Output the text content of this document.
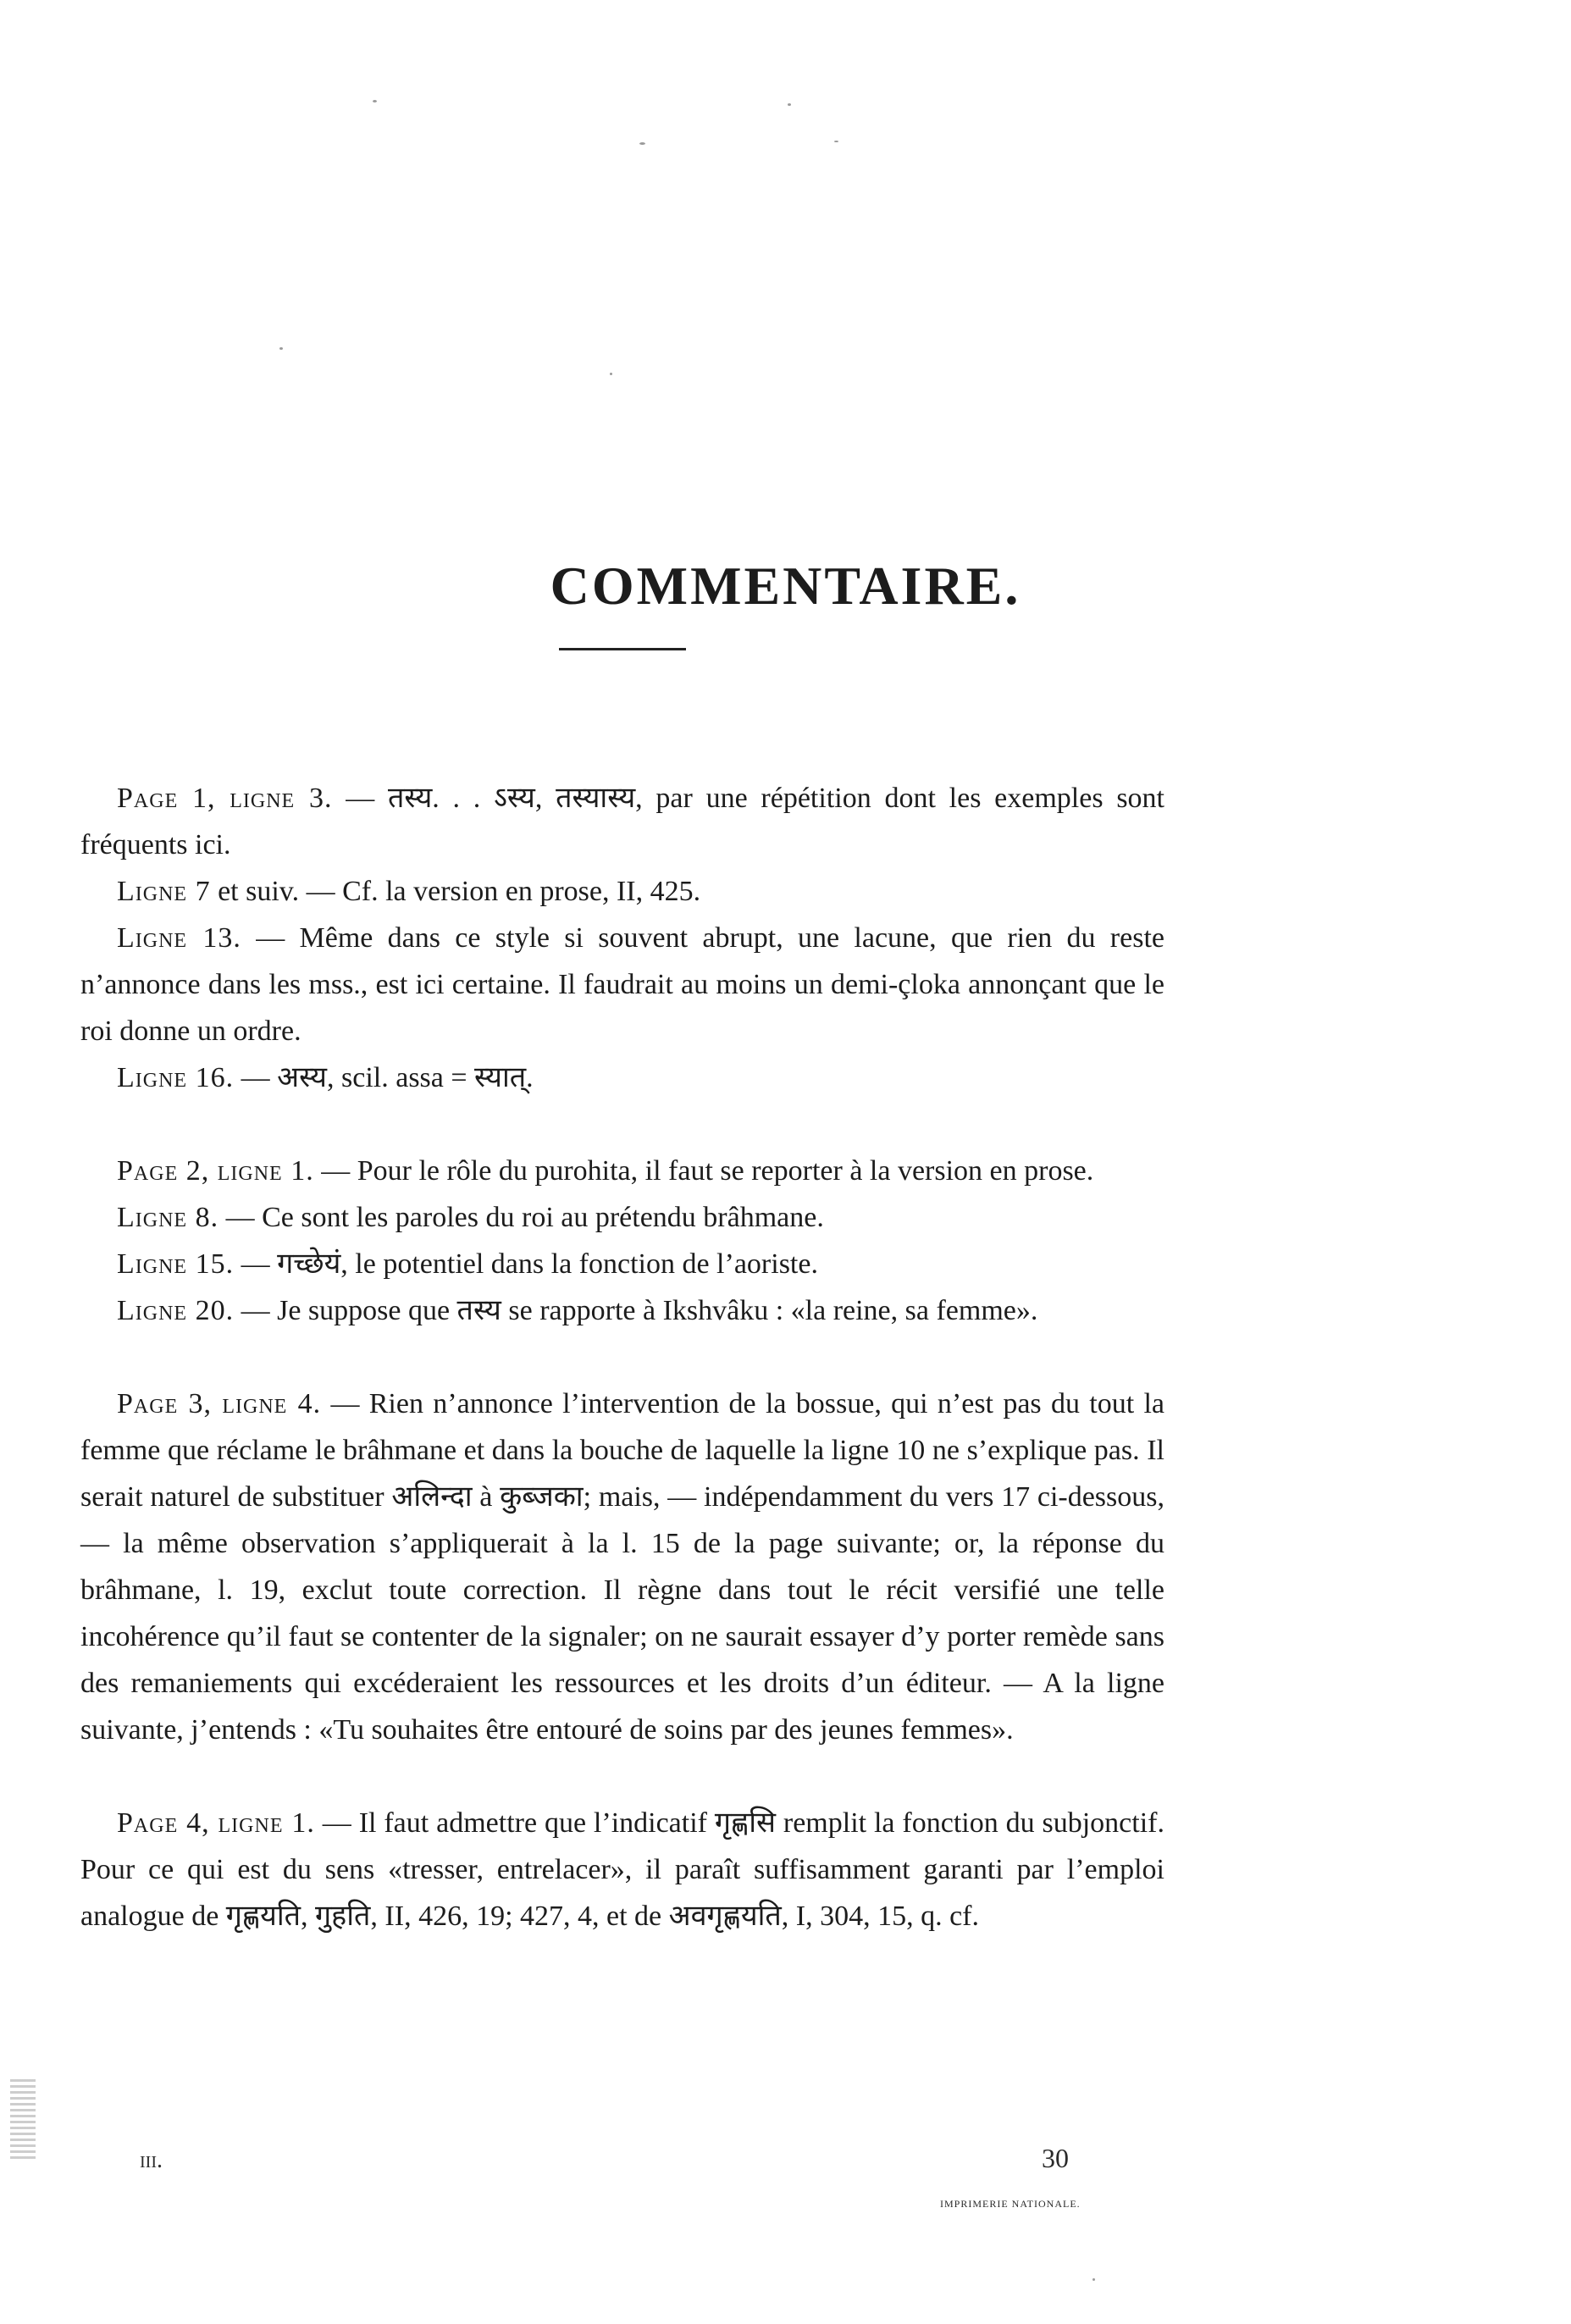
COMMENTAIRE.

Page 1, ligne 3. — तस्य. . . ऽस्य, तस्यास्य, par une répétition dont les exemples sont fréquents ici.

Ligne 7 et suiv. — Cf. la version en prose, II, 425.

Ligne 13. — Même dans ce style si souvent abrupt, une lacune, que rien du reste n’annonce dans les mss., est ici certaine. Il faudrait au moins un demi-çloka annonçant que le roi donne un ordre.

Ligne 16. — अस्य, scil. assa = स्यात्.

Page 2, ligne 1. — Pour le rôle du purohita, il faut se reporter à la version en prose.

Ligne 8. — Ce sont les paroles du roi au prétendu brâhmane.

Ligne 15. — गच्छेयं, le potentiel dans la fonction de l’aoriste.

Ligne 20. — Je suppose que तस्य se rapporte à Ikshvâku : «la reine, sa femme».

Page 3, ligne 4. — Rien n’annonce l’intervention de la bossue, qui n’est pas du tout la femme que réclame le brâhmane et dans la bouche de laquelle la ligne 10 ne s’explique pas. Il serait naturel de substituer अलिन्दा à कुब्जका; mais, — indépendamment du vers 17 ci-dessous, — la même observation s’appliquerait à la l. 15 de la page suivante; or, la réponse du brâhmane, l. 19, exclut toute correction. Il règne dans tout le récit versifié une telle incohérence qu’il faut se contenter de la signaler; on ne saurait essayer d’y porter remède sans des remaniements qui excéderaient les ressources et les droits d’un éditeur. — A la ligne suivante, j’entends : «Tu souhaites être entouré de soins par des jeunes femmes».

Page 4, ligne 1. — Il faut admettre que l’indicatif गृह्णसि remplit la fonction du subjonctif. Pour ce qui est du sens «tresser, entrelacer», il paraît suffisamment garanti par l’emploi analogue de गृह्णयति, गुहति, II, 426, 19; 427, 4, et de अवगृह्णयति, I, 304, 15, q. cf.

iii.	30
IMPRIMERIE NATIONALE.
